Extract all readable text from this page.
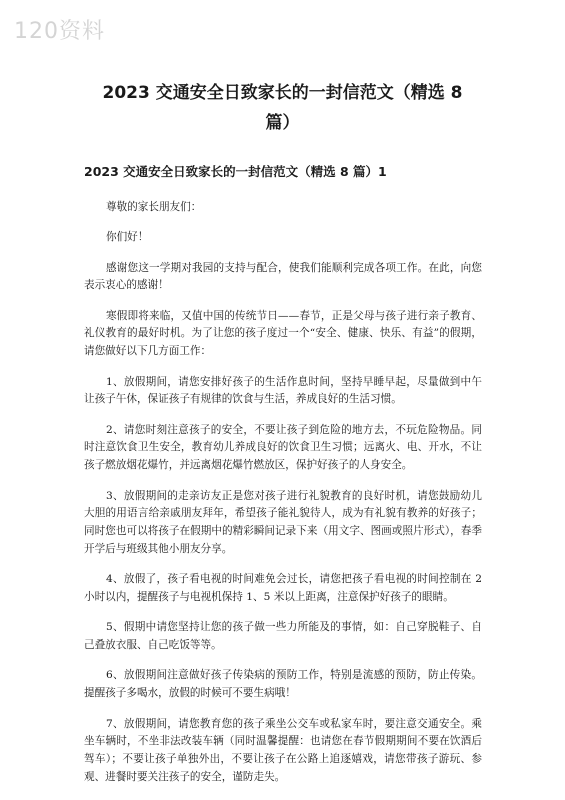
120资料
2023 交通安全日致家长的一封信范文（精选 8
篇）
2023 交通安全日致家长的一封信范文（精选 8 篇）1

尊敬的家长朋友们：

你们好！

感谢您这一学期对我园的支持与配合，使我们能顺利完成各项工作。在此，向您表示衷心的感谢！

寒假即将来临，又值中国的传统节日——春节，正是父母与孩子进行亲子教育、礼仪教育的最好时机。为了让您的孩子度过一个“安全、健康、快乐、有益”的假期，请您做好以下几方面工作：

1、放假期间，请您安排好孩子的生活作息时间，坚持早睡早起，尽量做到中午让孩子午休，保证孩子有规律的饮食与生活，养成良好的生活习惯。

2、请您时刻注意孩子的安全，不要让孩子到危险的地方去，不玩危险物品。同时注意饮食卫生安全，教育幼儿养成良好的饮食卫生习惯；远离火、电、开水，不让孩子燃放烟花爆竹，并远离烟花爆竹燃放区，保护好孩子的人身安全。

3、放假期间的走亲访友正是您对孩子进行礼貌教育的良好时机，请您鼓励幼儿大胆的用语言给亲戚朋友拜年，希望孩子能礼貌待人，成为有礼貌有教养的好孩子；同时您也可以将孩子在假期中的精彩瞬间记录下来（用文字、图画或照片形式），春季开学后与班级其他小朋友分享。

4、放假了，孩子看电视的时间难免会过长，请您把孩子看电视的时间控制在 2 小时以内，提醒孩子与电视机保持 1、5 米以上距离，注意保护好孩子的眼睛。

5、假期中请您坚持让您的孩子做一些力所能及的事情，如：自己穿脱鞋子、自己叠放衣服、自己吃饭等等。

6、放假期间注意做好孩子传染病的预防工作，特别是流感的预防，防止传染。提醒孩子多喝水，放假的时候可不要生病哦！

7、放假期间，请您教育您的孩子乘坐公交车或私家车时，要注意交通安全。乘坐车辆时，不坐非法改装车辆（同时温馨提醒：也请您在春节假期期间不要在饮酒后驾车）；不要让孩子单独外出，不要让孩子在公路上追逐嬉戏，请您带孩子游玩、参观、进餐时要关注孩子的安全，谨防走失。
